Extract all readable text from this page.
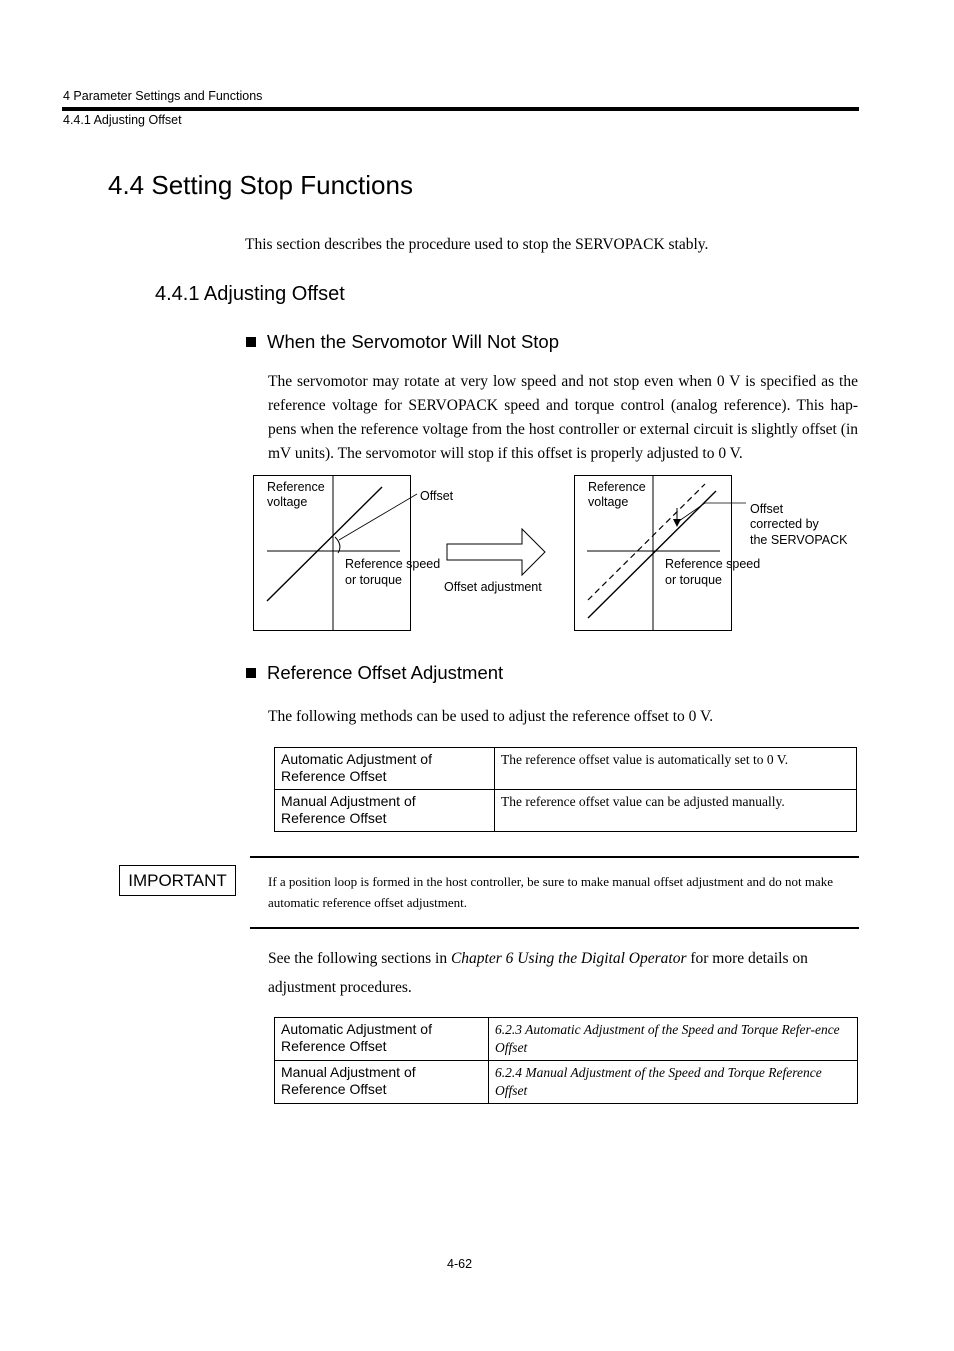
4 Parameter Settings and Functions
4.4.1 Adjusting Offset
4.4 Setting Stop Functions
This section describes the procedure used to stop the SERVOPACK stably.
4.4.1 Adjusting Offset
When the Servomotor Will Not Stop
The servomotor may rotate at very low speed and not stop even when 0 V is specified as the reference voltage for SERVOPACK speed and torque control (analog reference). This hap-pens when the reference voltage from the host controller or external circuit is slightly offset (in mV units). The servomotor will stop if this offset is properly adjusted to 0 V.
Reference
voltage	Offset
Reference speed
or toruque	Offset adjustment
Reference
voltage	Offset
corrected by
the SERVOPACK
Reference speed
or toruque
Reference Offset Adjustment
The following methods can be used to adjust the reference offset to 0 V.
Automatic Adjustment of
Reference Offset	The reference offset value is automatically set to 0 V.

Manual Adjustment of
Reference Offset	The reference offset value can be adjusted manually.
IMPORTANT	If a position loop is formed in the host controller, be sure to make manual offset adjustment and do not make automatic reference offset adjustment.
See the following sections in Chapter 6 Using the Digital Operator for more details on adjustment procedures.
Automatic Adjustment of
Reference Offset	6.2.3 Automatic Adjustment of the Speed and Torque Refer-ence Offset

Manual Adjustment of
Reference Offset	6.2.4 Manual Adjustment of the Speed and Torque Reference Offset
4-62
